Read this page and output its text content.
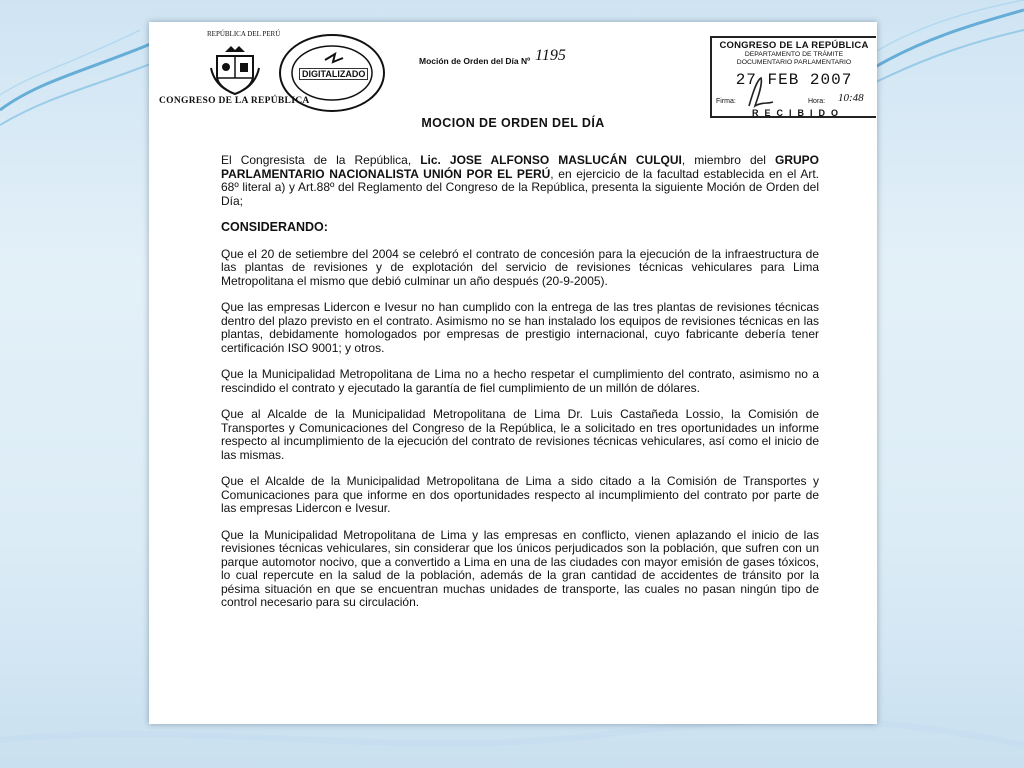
REPÚBLICA DEL PERÚ
CONGRESO DE LA REPÚBLICA
DIGITALIZADO
Moción de Orden del Día Nº 1195
CONGRESO DE LA REPÚBLICA
DEPARTAMENTO DE TRÁMITE
DOCUMENTARIO PARLAMENTARIO
27 FEB 2007
Firma:	Hora: 10:48
RECIBIDO
MOCION DE ORDEN DEL DÍA

El Congresista de la República, Lic. JOSE ALFONSO MASLUCÁN CULQUI, miembro del GRUPO PARLAMENTARIO NACIONALISTA UNIÓN POR EL PERÚ, en ejercicio de la facultad establecida en el Art. 68º literal a) y Art.88º del Reglamento del Congreso de la República, presenta la siguiente Moción de Orden del Día;

CONSIDERANDO:

Que el 20 de setiembre del 2004 se celebró el contrato de concesión para la ejecución de la infraestructura de las plantas de revisiones y de explotación del servicio de revisiones técnicas vehiculares para Lima Metropolitana el mismo que debió culminar un año después (20-9-2005).

Que las empresas Lidercon e Ivesur no han cumplido con la entrega de las tres plantas de revisiones técnicas dentro del plazo previsto en el contrato. Asimismo no se han instalado los equipos de revisiones técnicas en las plantas, debidamente homologados por empresas de prestigio internacional, cuyo fabricante debería tener certificación ISO 9001; y otros.

Que la Municipalidad Metropolitana de Lima no a hecho respetar el cumplimiento del contrato, asimismo no a rescindido el contrato y ejecutado la garantía de fiel cumplimiento de un millón de dólares.

Que al Alcalde de la Municipalidad Metropolitana de Lima Dr. Luis Castañeda Lossio, la Comisión de Transportes y Comunicaciones del Congreso de la República, le a solicitado en tres oportunidades un informe respecto al incumplimiento de la ejecución del contrato de revisiones técnicas vehiculares, así como el inicio de las mismas.

Que el Alcalde de la Municipalidad Metropolitana de Lima a sido citado a la Comisión de Transportes y Comunicaciones para que informe en dos oportunidades respecto al incumplimiento del contrato por parte de las empresas Lidercon e Ivesur.

Que la Municipalidad Metropolitana de Lima y las empresas en conflicto, vienen aplazando el inicio de las revisiones técnicas vehiculares, sin considerar que los únicos perjudicados son la población, que sufren con un parque automotor nocivo, que a convertido a Lima en una de las ciudades con mayor emisión de gases tóxicos, lo cual repercute en la salud de la población, además de la gran cantidad de accidentes de tránsito por la pésima situación en que se encuentran muchas unidades de transporte, las cuales no pasan ningún tipo de control necesario para su circulación.
